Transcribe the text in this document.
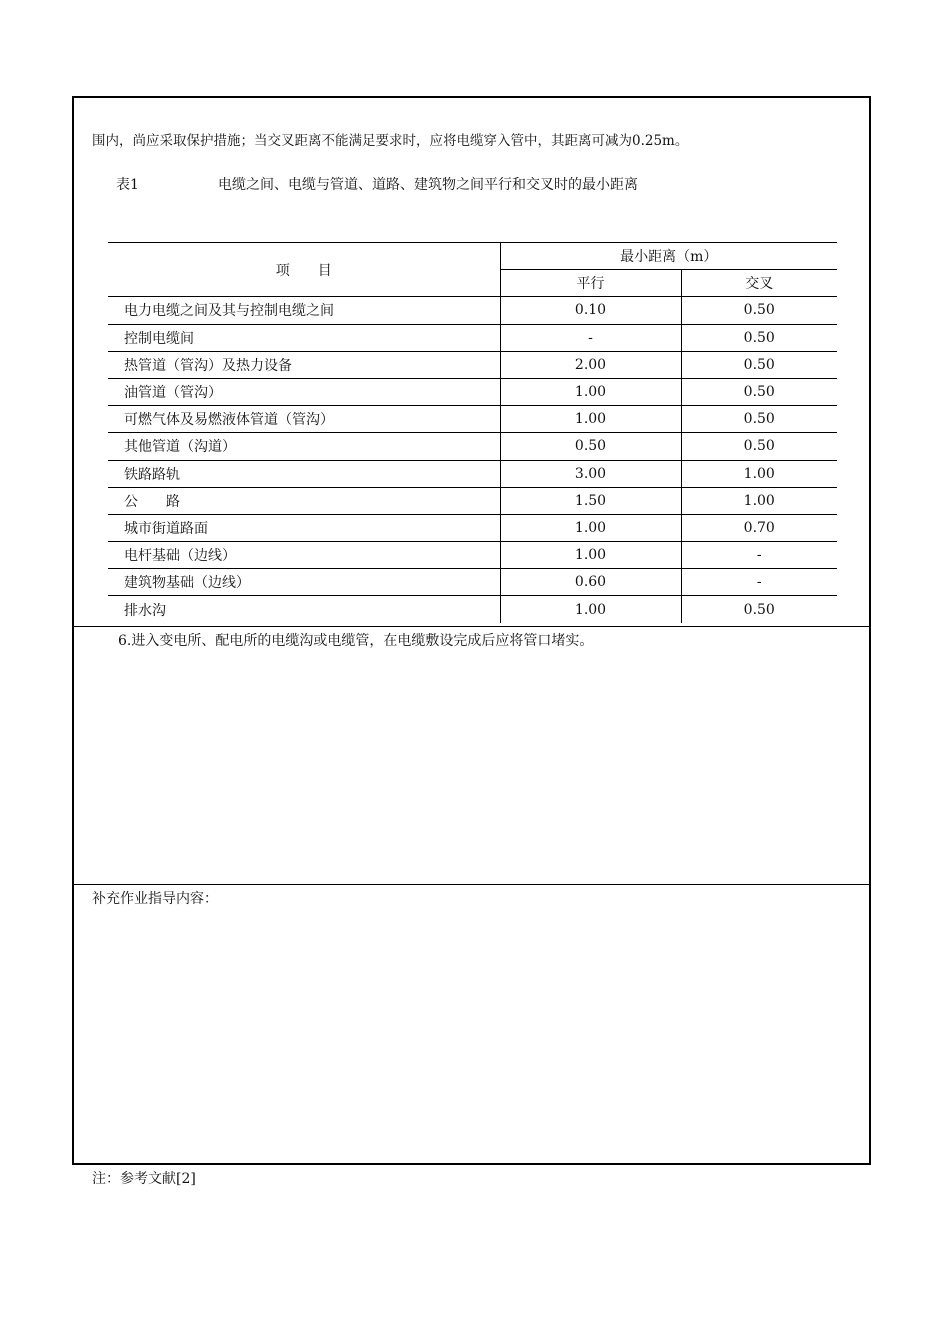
围内，尚应采取保护措施；当交叉距离不能满足要求时，应将电缆穿入管中，其距离可减为0.25m。
表1	电缆之间、电缆与管道、道路、建筑物之间平行和交叉时的最小距离
项　　目	最小距离（m）	
	平行	交叉
电力电缆之间及其与控制电缆之间	0.10	0.50
控制电缆间	-	0.50
热管道（管沟）及热力设备	2.00	0.50
油管道（管沟）	1.00	0.50
可燃气体及易燃液体管道（管沟）	1.00	0.50
其他管道（沟道）	0.50	0.50
铁路路轨	3.00	1.00
公　　路	1.50	1.00
城市街道路面	1.00	0.70
电杆基础（边线）	1.00	-
建筑物基础（边线）	0.60	-
排水沟	1.00	0.50
6.进入变电所、配电所的电缆沟或电缆管，在电缆敷设完成后应将管口堵实。
补充作业指导内容：
注：参考文献[2]
